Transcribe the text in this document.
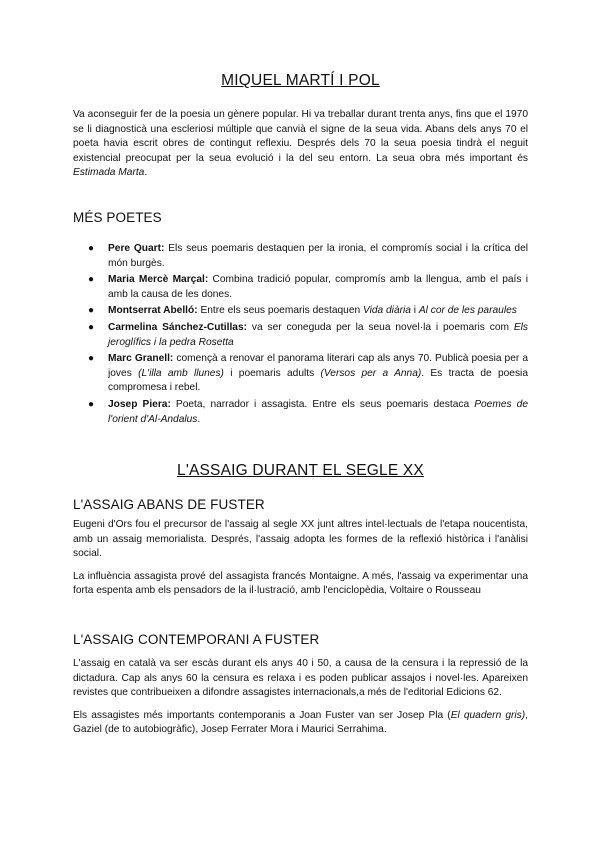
MIQUEL MARTÍ I POL

Va aconseguir fer de la poesia un gènere popular. Hi va treballar durant trenta anys, fins que el 1970 se li diagnosticà una escleriosi múltiple que canvià el signe de la seua vida. Abans dels anys 70 el poeta havia escrit obres de contingut reflexiu. Després dels 70 la seua poesia tindrà el neguit existencial preocupat per la seua evolució i la del seu entorn. La seua obra més important és Estimada Marta.

MÉS POETES
● Pere Quart: Els seus poemaris destaquen per la ironia, el compromís social i la crítica del món burgès.
● Maria Mercè Marçal: Combina tradició popular, compromís amb la llengua, amb el país i amb la causa de les dones.
● Montserrat Abelló: Entre els seus poemaris destaquen Vida diària i Al cor de les paraules
● Carmelina Sánchez-Cutillas: va ser coneguda per la seua novel·la i poemaris com Els jeroglífics i la pedra Rosetta
● Marc Granell: començà a renovar el panorama literari cap als anys 70. Publicà poesia per a joves (L'illa amb llunes) i poemaris adults (Versos per a Anna). Es tracta de poesia compromesa i rebel.
● Josep Piera: Poeta, narrador i assagista. Entre els seus poemaris destaca Poemes de l'orient d'Al-Andalus.
L'ASSAIG DURANT EL SEGLE XX
L'ASSAIG ABANS DE FUSTER

Eugeni d'Ors fou el precursor de l'assaig al segle XX junt altres intel·lectuals de l'etapa noucentista, amb un assaig memorialista. Després, l'assaig adopta les formes de la reflexió històrica i l'anàlisi social.

La influència assagista prové del assagista francés Montaigne. A més, l'assaig va experimentar una forta espenta amb els pensadors de la il·lustració, amb l'enciclopèdia, Voltaire o Rousseau

L'ASSAIG CONTEMPORANI A FUSTER

L'assaig en català va ser escàs durant els anys 40 i 50, a causa de la censura i la repressió de la dictadura. Cap als anys 60 la censura es relaxa i es poden publicar assajos i novel·les. Apareixen revistes que contribueixen a difondre assagistes internacionals,a més de l'editorial Edicions 62.

Els assagistes més importants contemporanis a Joan Fuster van ser Josep Pla (El quadern gris), Gaziel (de to autobiogràfic), Josep Ferrater Mora i Maurici Serrahima.
